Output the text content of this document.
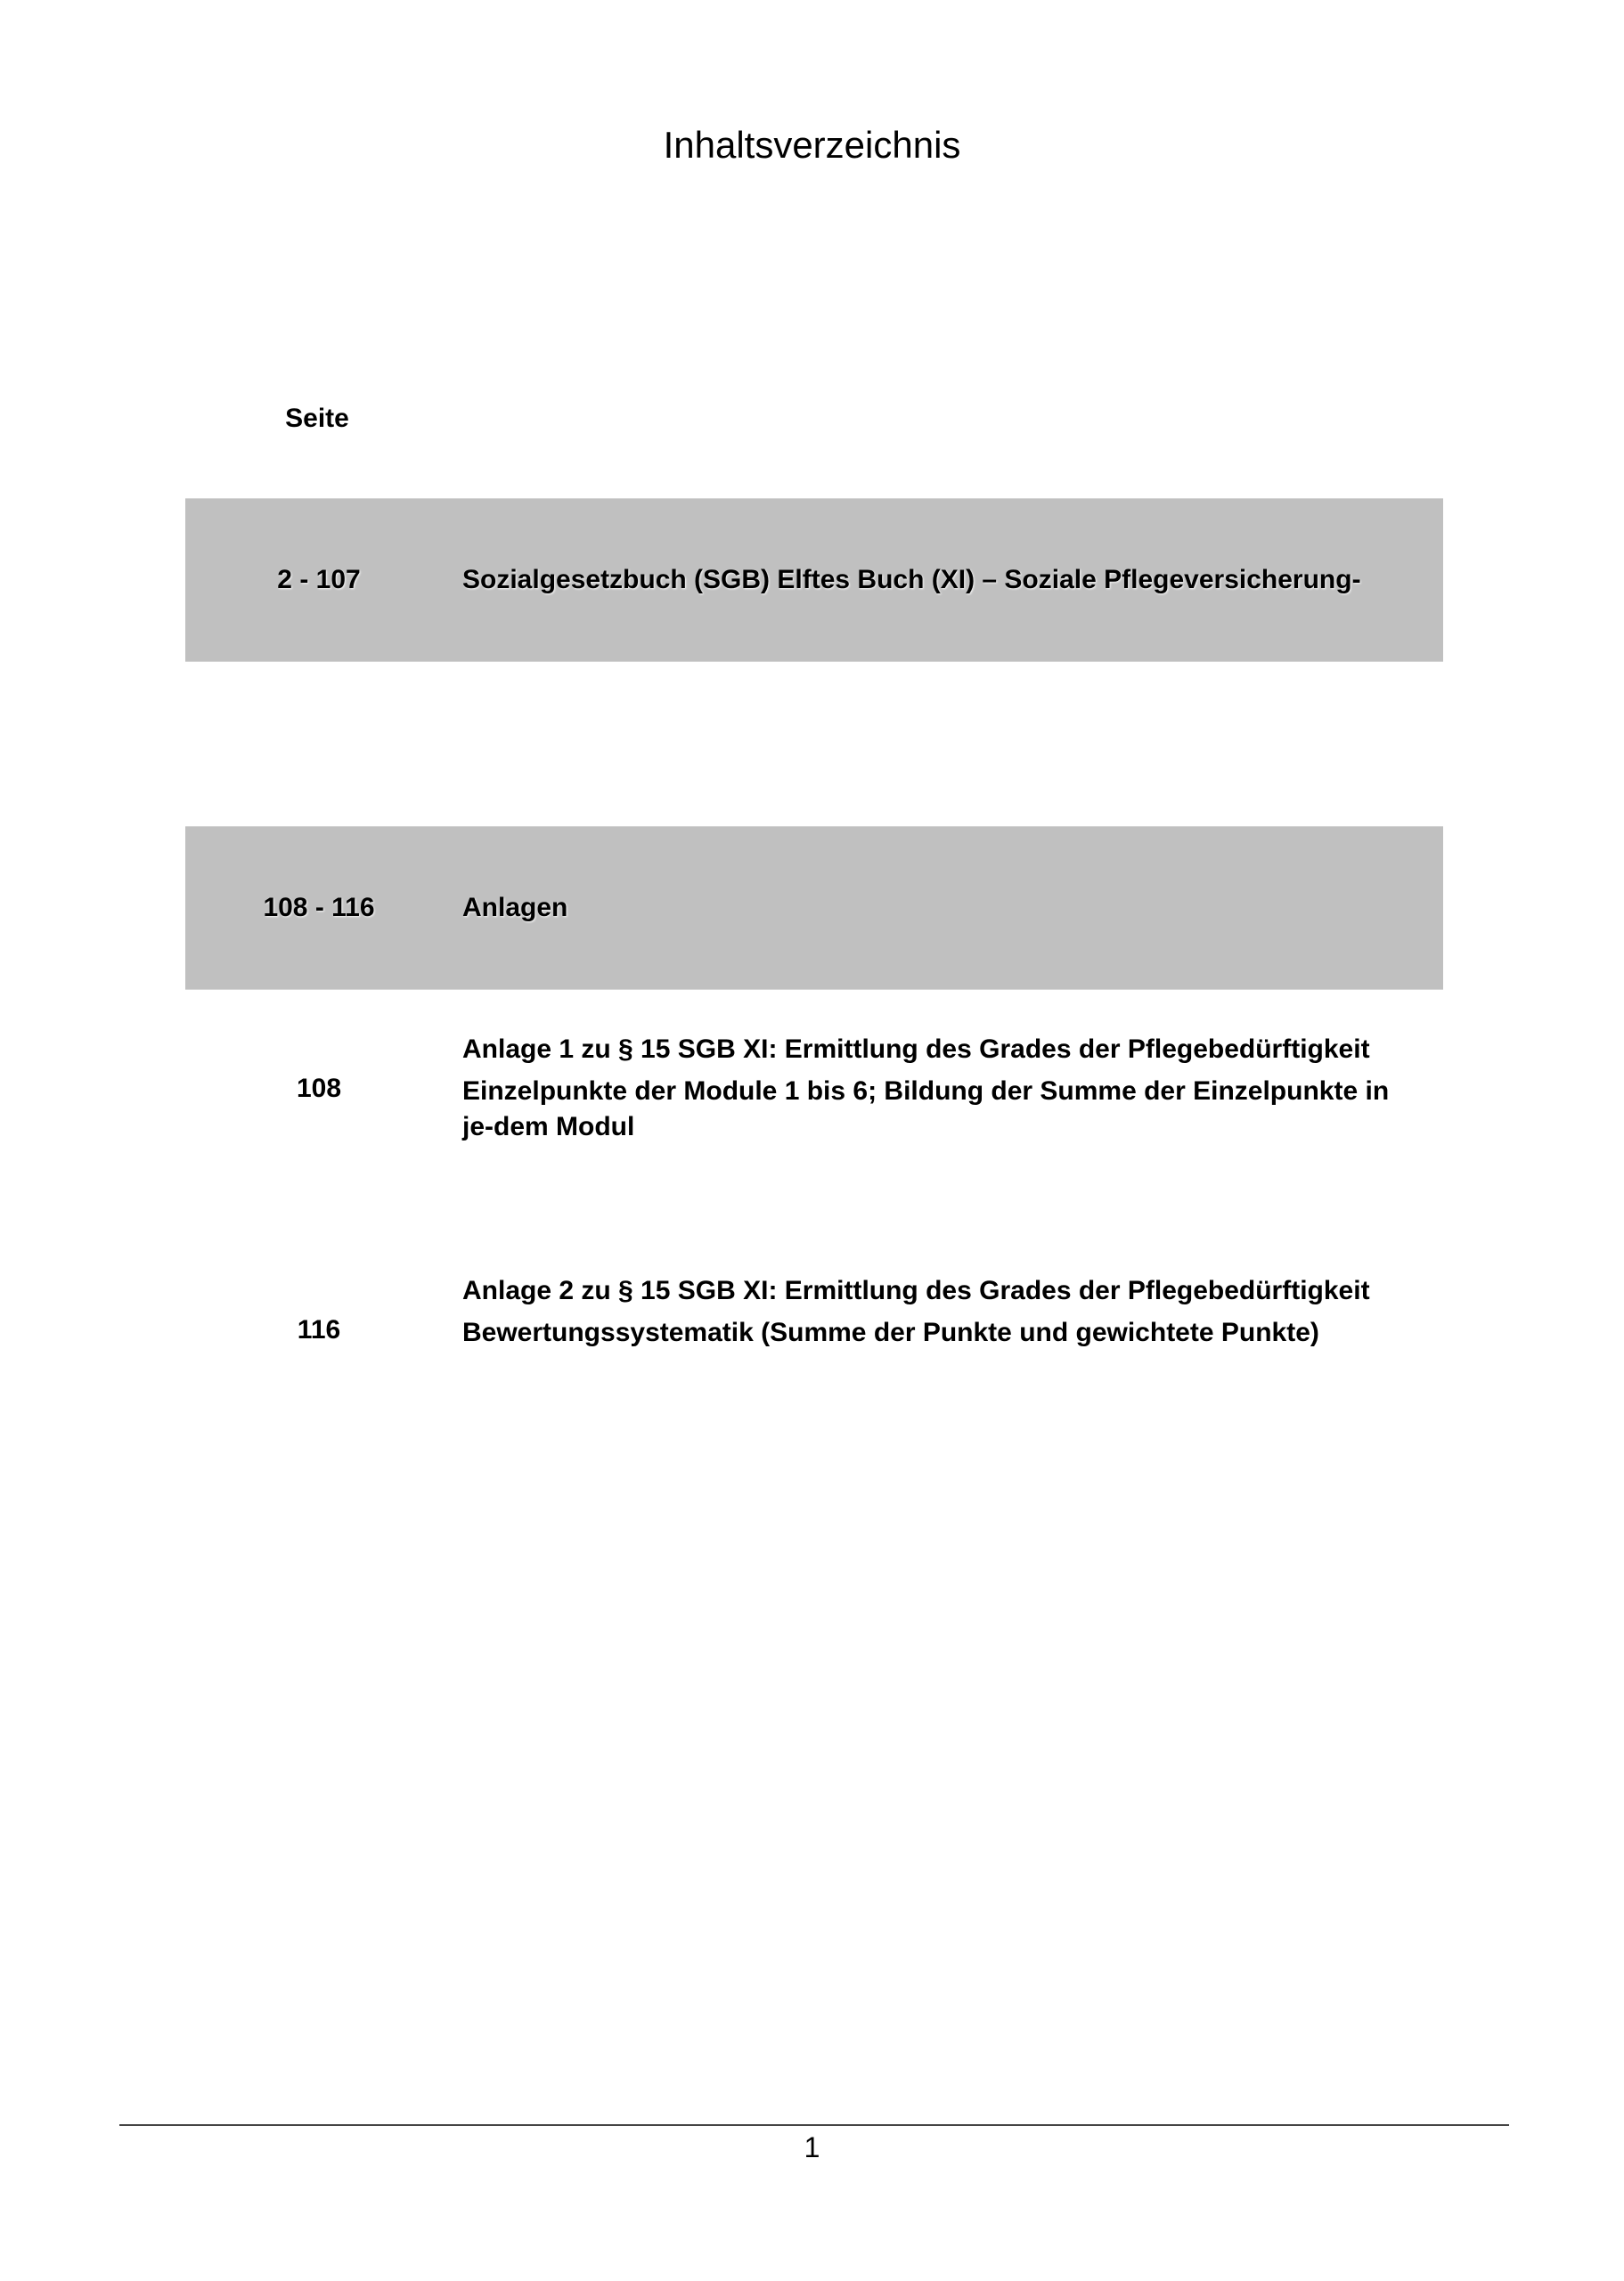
Inhaltsverzeichnis
Seite
2 - 107	Sozialgesetzbuch (SGB) Elftes Buch (XI) – Soziale Pflegeversicherung-
108 - 116	Anlagen
108
Anlage 1 zu § 15 SGB XI: Ermittlung des Grades der Pflegebedürftigkeit
Einzelpunkte der Module 1 bis 6; Bildung der Summe der Einzelpunkte in je-dem Modul
116
Anlage 2 zu § 15 SGB XI: Ermittlung des Grades der Pflegebedürftigkeit
Bewertungssystematik (Summe der Punkte und gewichtete Punkte)
1
